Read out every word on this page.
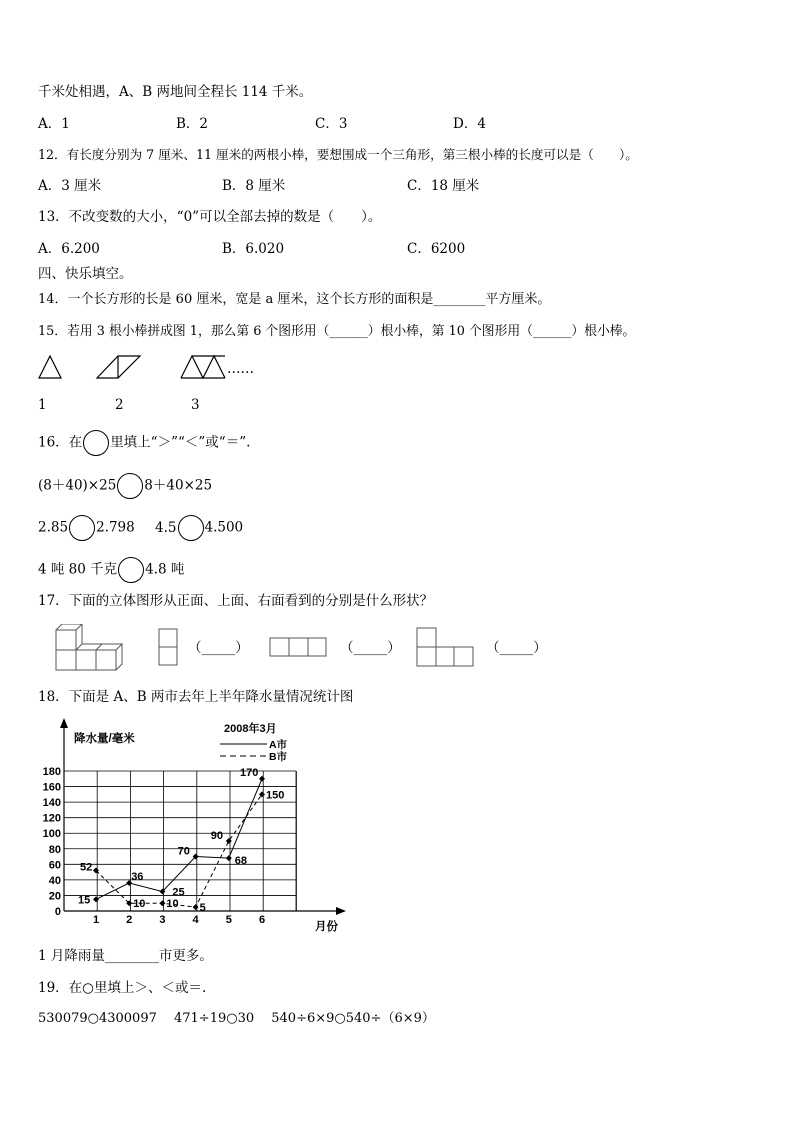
千米处相遇，A、B 两地间全程长 114 千米。
A．1	B．2	C．3	D．4
12．有长度分别为 7 厘米、11 厘米的两根小棒，要想围成一个三角形，第三根小棒的长度可以是（　　）。
A．3 厘米	B．8 厘米	C．18 厘米
13．不改变数的大小，“0”可以全部去掉的数是（　　）。
A．6.200	B．6.020	C．6200
四、快乐填空。
14．一个长方形的长是 60 厘米，宽是 a 厘米，这个长方形的面积是________平方厘米。
15．若用 3 根小棒拼成图 1，那么第 6 个图形用（______）根小棒，第 10 个图形用（______）根小棒。
……
1	2	3
16．在 里填上“＞”“＜”或“＝”.
(8＋40)×25 8＋40×25
2.85 2.798 4.5 4.500
4 吨 80 千克 4.8 吨
17．下面的立体图形从正面、上面、右面看到的分别是什么形状？
（_____）	（_____）	（_____）
18．下面是 A、B 两市去年上半年降水量情况统计图
0
20
40
60
80
100
120
140
160
180
1 2 3 4 5 6
15
36
25
70
68
170
52
10 10 5
90
150
A市
B市
降水量/毫米
月份
2008年3月
1 月降雨量________市更多。
19．在○里填上＞、＜或＝.
530079○4300097　 471÷19○30　 540÷6×9○540÷（6×9）
